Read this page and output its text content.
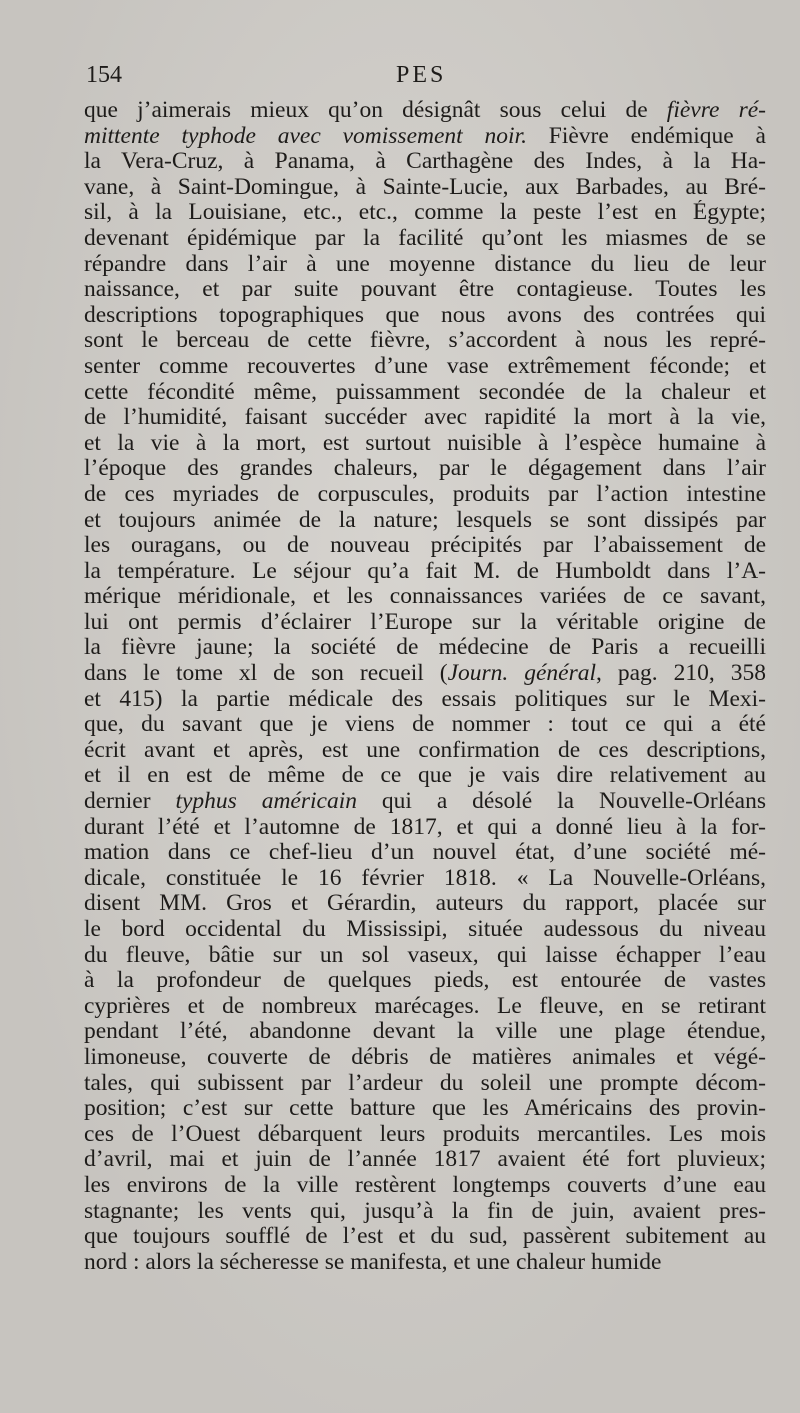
154	PES
que j’aimerais mieux qu’on désignât sous celui de fièvre ré-
mittente typhode avec vomissement noir. Fièvre endémique à
la Vera-Cruz, à Panama, à Carthagène des Indes, à la Ha-
vane, à Saint-Domingue, à Sainte-Lucie, aux Barbades, au Bré-
sil, à la Louisiane, etc., etc., comme la peste l’est en Égypte;
devenant épidémique par la facilité qu’ont les miasmes de se
répandre dans l’air à une moyenne distance du lieu de leur
naissance, et par suite pouvant être contagieuse. Toutes les
descriptions topographiques que nous avons des contrées qui
sont le berceau de cette fièvre, s’accordent à nous les repré-
senter comme recouvertes d’une vase extrêmement féconde; et
cette fécondité même, puissamment secondée de la chaleur et
de l’humidité, faisant succéder avec rapidité la mort à la vie,
et la vie à la mort, est surtout nuisible à l’espèce humaine à
l’époque des grandes chaleurs, par le dégagement dans l’air
de ces myriades de corpuscules, produits par l’action intestine
et toujours animée de la nature; lesquels se sont dissipés par
les ouragans, ou de nouveau précipités par l’abaissement de
la température. Le séjour qu’a fait M. de Humboldt dans l’A-
mérique méridionale, et les connaissances variées de ce savant,
lui ont permis d’éclairer l’Europe sur la véritable origine de
la fièvre jaune; la société de médecine de Paris a recueilli
dans le tome xl de son recueil (Journ. général, pag. 210, 358
et 415) la partie médicale des essais politiques sur le Mexi-
que, du savant que je viens de nommer : tout ce qui a été
écrit avant et après, est une confirmation de ces descriptions,
et il en est de même de ce que je vais dire relativement au
dernier typhus américain qui a désolé la Nouvelle-Orléans
durant l’été et l’automne de 1817, et qui a donné lieu à la for-
mation dans ce chef-lieu d’un nouvel état, d’une société mé-
dicale, constituée le 16 février 1818. « La Nouvelle-Orléans,
disent MM. Gros et Gérardin, auteurs du rapport, placée sur
le bord occidental du Mississipi, située audessous du niveau
du fleuve, bâtie sur un sol vaseux, qui laisse échapper l’eau
à la profondeur de quelques pieds, est entourée de vastes
cyprières et de nombreux marécages. Le fleuve, en se retirant
pendant l’été, abandonne devant la ville une plage étendue,
limoneuse, couverte de débris de matières animales et végé-
tales, qui subissent par l’ardeur du soleil une prompte décom-
position; c’est sur cette batture que les Américains des provin-
ces de l’Ouest débarquent leurs produits mercantiles. Les mois
d’avril, mai et juin de l’année 1817 avaient été fort pluvieux;
les environs de la ville restèrent longtemps couverts d’une eau
stagnante; les vents qui, jusqu’à la fin de juin, avaient pres-
que toujours soufflé de l’est et du sud, passèrent subitement au
nord : alors la sécheresse se manifesta, et une chaleur humide
